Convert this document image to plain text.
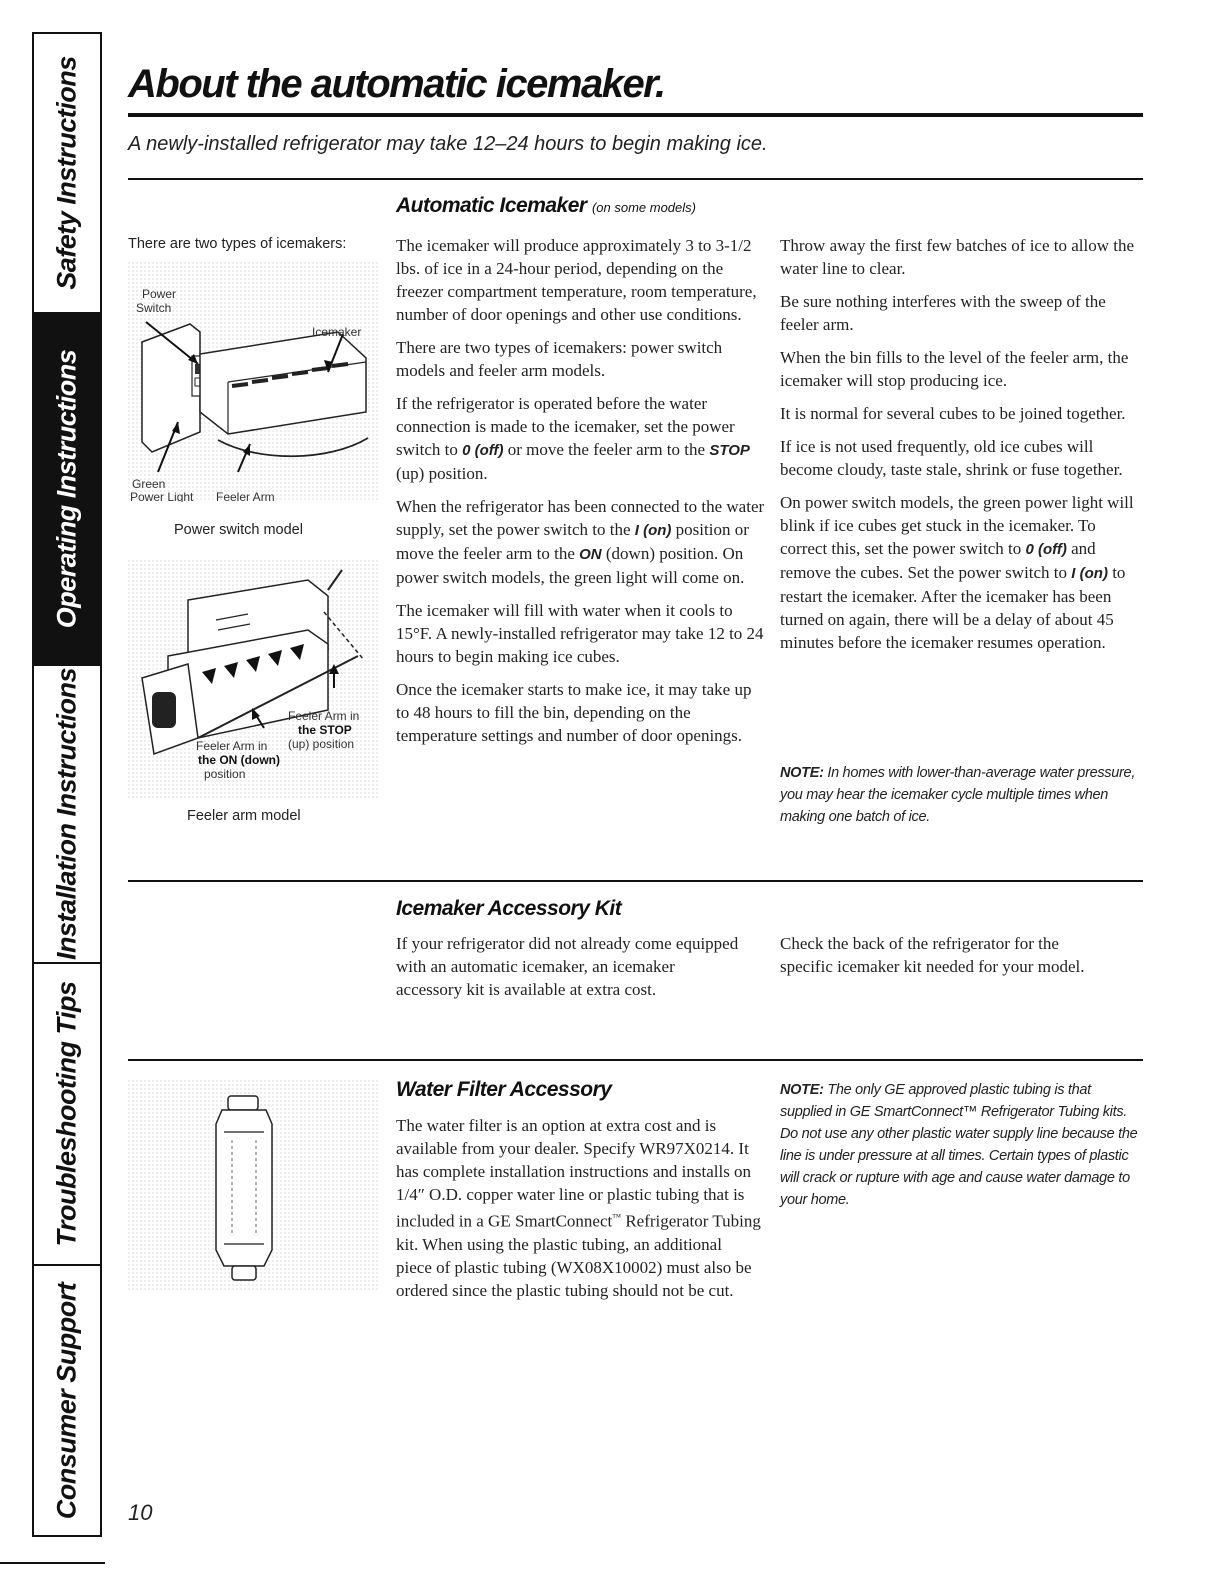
Safety Instructions
Operating Instructions
Installation Instructions
Troubleshooting Tips
Consumer Support
About the automatic icemaker.

A newly-installed refrigerator may take 12–24 hours to begin making ice.

Automatic Icemaker (on some models)
There are two types of icemakers:
Power
Switch
Icemaker
Green
Power Light Feeler Arm
Power switch model
Feeler Arm in
the STOP
(up) position
Feeler Arm in
the ON (down)
position
Feeler arm model

The icemaker will produce approximately 3 to 3-1/2 lbs. of ice in a 24-hour period, depending on the freezer compartment temperature, room temperature, number of door openings and other use conditions.

There are two types of icemakers: power switch models and feeler arm models.

If the refrigerator is operated before the water connection is made to the icemaker, set the power switch to 0 (off) or move the feeler arm to the STOP (up) position.

When the refrigerator has been connected to the water supply, set the power switch to the I (on) position or move the feeler arm to the ON (down) position. On power switch models, the green light will come on.

The icemaker will fill with water when it cools to 15°F. A newly-installed refrigerator may take 12 to 24 hours to begin making ice cubes.

Once the icemaker starts to make ice, it may take up to 48 hours to fill the bin, depending on the temperature settings and number of door openings.

Throw away the first few batches of ice to allow the water line to clear.

Be sure nothing interferes with the sweep of the feeler arm.

When the bin fills to the level of the feeler arm, the icemaker will stop producing ice.

It is normal for several cubes to be joined together.

If ice is not used frequently, old ice cubes will become cloudy, taste stale, shrink or fuse together.

On power switch models, the green power light will blink if ice cubes get stuck in the icemaker. To correct this, set the power switch to 0 (off) and remove the cubes. Set the power switch to I (on) to restart the icemaker. After the icemaker has been turned on again, there will be a delay of about 45 minutes before the icemaker resumes operation.

NOTE: In homes with lower-than-average water pressure, you may hear the icemaker cycle multiple times when making one batch of ice.
Icemaker Accessory Kit

If your refrigerator did not already come equipped with an automatic icemaker, an icemaker accessory kit is available at extra cost.

Check the back of the refrigerator for the specific icemaker kit needed for your model.

Water Filter Accessory

The water filter is an option at extra cost and is available from your dealer. Specify WR97X0214. It has complete installation instructions and installs on 1/4″ O.D. copper water line or plastic tubing that is included in a GE SmartConnect™ Refrigerator Tubing kit. When using the plastic tubing, an additional piece of plastic tubing (WX08X10002) must also be ordered since the plastic tubing should not be cut.

NOTE: The only GE approved plastic tubing is that supplied in GE SmartConnect™ Refrigerator Tubing kits. Do not use any other plastic water supply line because the line is under pressure at all times. Certain types of plastic will crack or rupture with age and cause water damage to your home.
10
